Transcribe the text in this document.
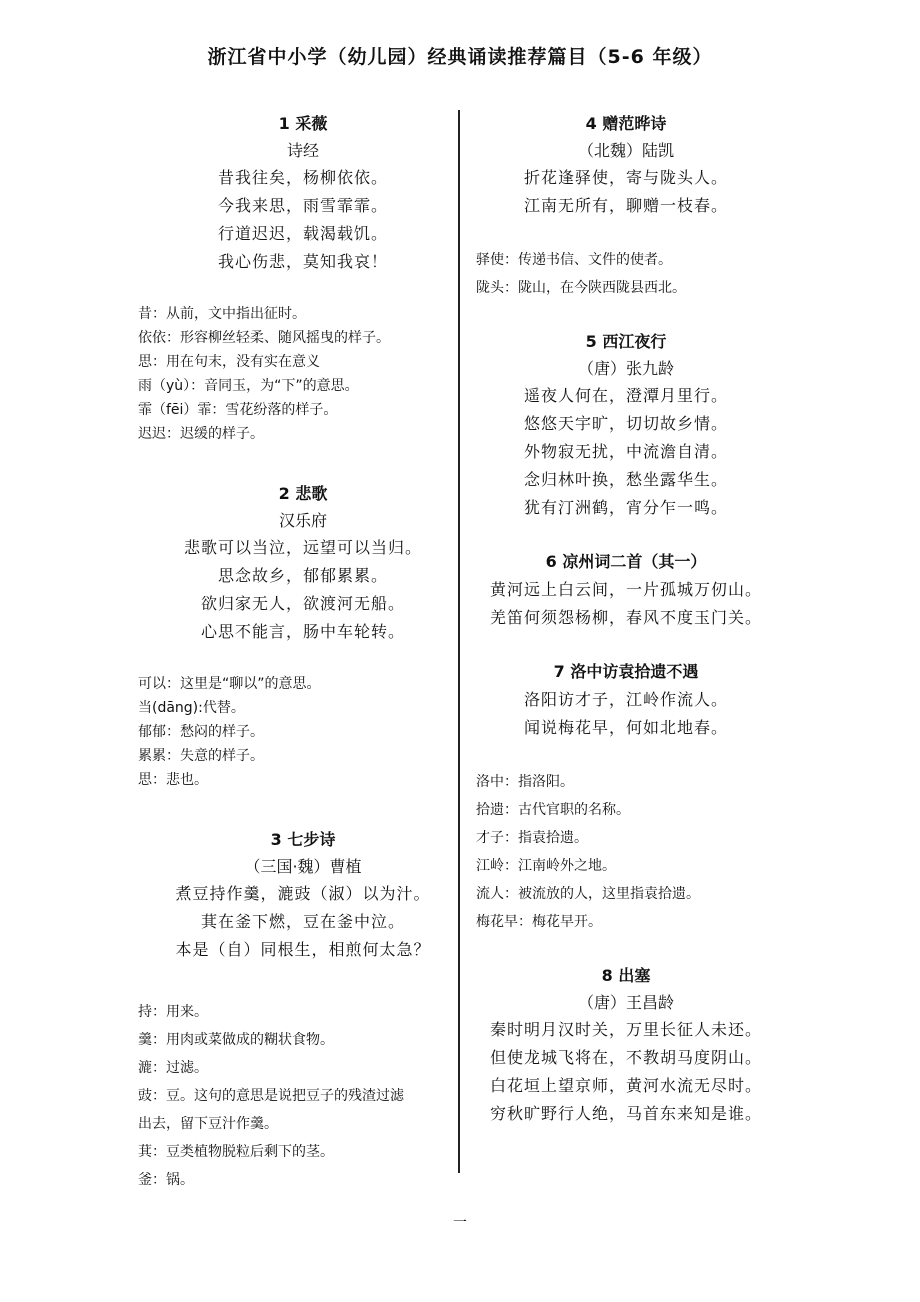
浙江省中小学（幼儿园）经典诵读推荐篇目（5-6 年级）
1 采薇
诗经
昔我往矣，杨柳依依。
今我来思，雨雪霏霏。
行道迟迟，载渴载饥。
我心伤悲，莫知我哀！
昔：从前，文中指出征时。
依依：形容柳丝轻柔、随风摇曳的样子。
思：用在句末，没有实在意义
雨（yù）：音同玉，为“下”的意思。
霏（fēi）霏：雪花纷落的样子。
迟迟：迟缓的样子。
2 悲歌
汉乐府
悲歌可以当泣，远望可以当归。
思念故乡，郁郁累累。
欲归家无人，欲渡河无船。
心思不能言，肠中车轮转。
可以：这里是“聊以”的意思。
当(dāng):代替。
郁郁：愁闷的样子。
累累：失意的样子。
思：悲也。
3 七步诗
（三国·魏）曹植
煮豆持作羹，漉豉（淑）以为汁。
萁在釜下燃，豆在釜中泣。
本是（自）同根生，相煎何太急？
持：用来。
羹：用肉或菜做成的糊状食物。
漉：过滤。
豉：豆。这句的意思是说把豆子的残渣过滤
出去，留下豆汁作羹。
萁：豆类植物脱粒后剩下的茎。
釜：锅。
4 赠范晔诗
（北魏）陆凯
折花逢驿使，寄与陇头人。
江南无所有，聊赠一枝春。
驿使：传递书信、文件的使者。
陇头：陇山，在今陕西陇县西北。
5 西江夜行
（唐）张九龄
遥夜人何在，澄潭月里行。
悠悠天宇旷，切切故乡情。
外物寂无扰，中流澹自清。
念归林叶换，愁坐露华生。
犹有汀洲鹤，宵分乍一鸣。
6 凉州词二首（其一）
黄河远上白云间，一片孤城万仞山。
羌笛何须怨杨柳，春风不度玉门关。
7 洛中访袁拾遗不遇
洛阳访才子，江岭作流人。
闻说梅花早，何如北地春。
洛中：指洛阳。
拾遗：古代官职的名称。
才子：指袁拾遗。
江岭：江南岭外之地。
流人：被流放的人，这里指袁拾遗。
梅花早：梅花早开。
8 出塞
（唐）王昌龄
秦时明月汉时关，万里长征人未还。
但使龙城飞将在，不教胡马度阴山。
白花垣上望京师，黄河水流无尽时。
穷秋旷野行人绝，马首东来知是谁。
一
